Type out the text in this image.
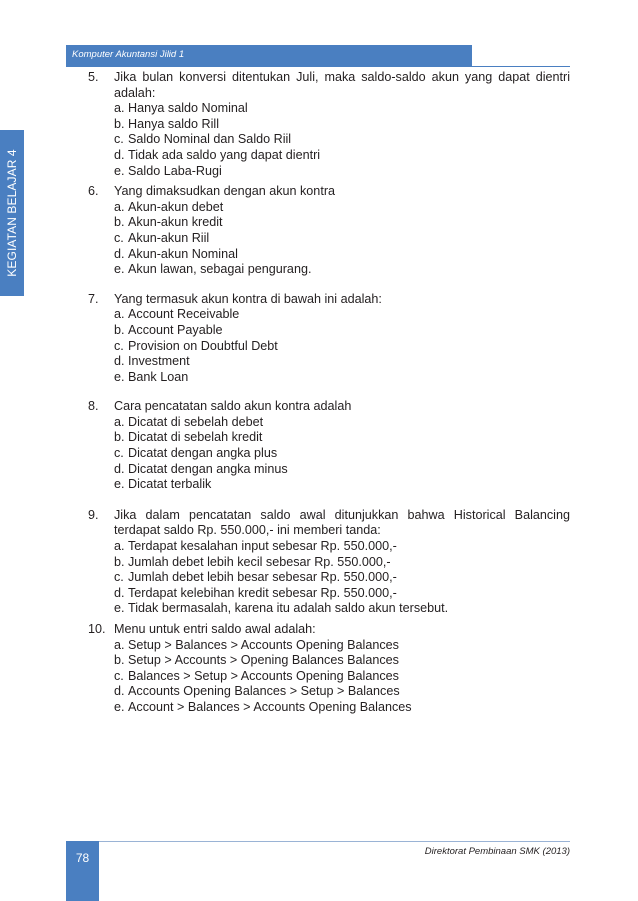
Komputer Akuntansi Jilid 1
KEGIATAN BELAJAR 4
5. Jika bulan konversi ditentukan Juli, maka saldo-saldo akun yang dapat dientri adalah:
a. Hanya saldo Nominal
b. Hanya saldo Rill
c. Saldo Nominal dan Saldo Riil
d. Tidak ada saldo yang dapat dientri
e. Saldo Laba-Rugi
6. Yang dimaksudkan dengan akun kontra
a. Akun-akun debet
b. Akun-akun kredit
c. Akun-akun Riil
d. Akun-akun Nominal
e. Akun lawan, sebagai pengurang.
7. Yang termasuk akun kontra di bawah ini adalah:
a. Account Receivable
b. Account Payable
c. Provision on Doubtful Debt
d. Investment
e. Bank Loan
8. Cara pencatatan saldo akun kontra adalah
a. Dicatat di sebelah debet
b. Dicatat di sebelah kredit
c. Dicatat dengan angka plus
d. Dicatat dengan angka minus
e. Dicatat terbalik
9. Jika dalam pencatatan saldo awal ditunjukkan bahwa Historical Balancing terdapat saldo Rp. 550.000,- ini memberi tanda:
a. Terdapat kesalahan input sebesar Rp. 550.000,-
b. Jumlah debet lebih kecil sebesar Rp. 550.000,-
c. Jumlah debet lebih besar sebesar Rp. 550.000,-
d. Terdapat kelebihan kredit sebesar Rp. 550.000,-
e. Tidak bermasalah, karena itu adalah saldo akun tersebut.
10. Menu untuk entri saldo awal adalah:
a. Setup > Balances > Accounts Opening Balances
b. Setup > Accounts > Opening Balances Balances
c. Balances > Setup > Accounts Opening Balances
d. Accounts Opening Balances > Setup > Balances
e. Account > Balances > Accounts Opening Balances
78	Direktorat Pembinaan SMK (2013)
